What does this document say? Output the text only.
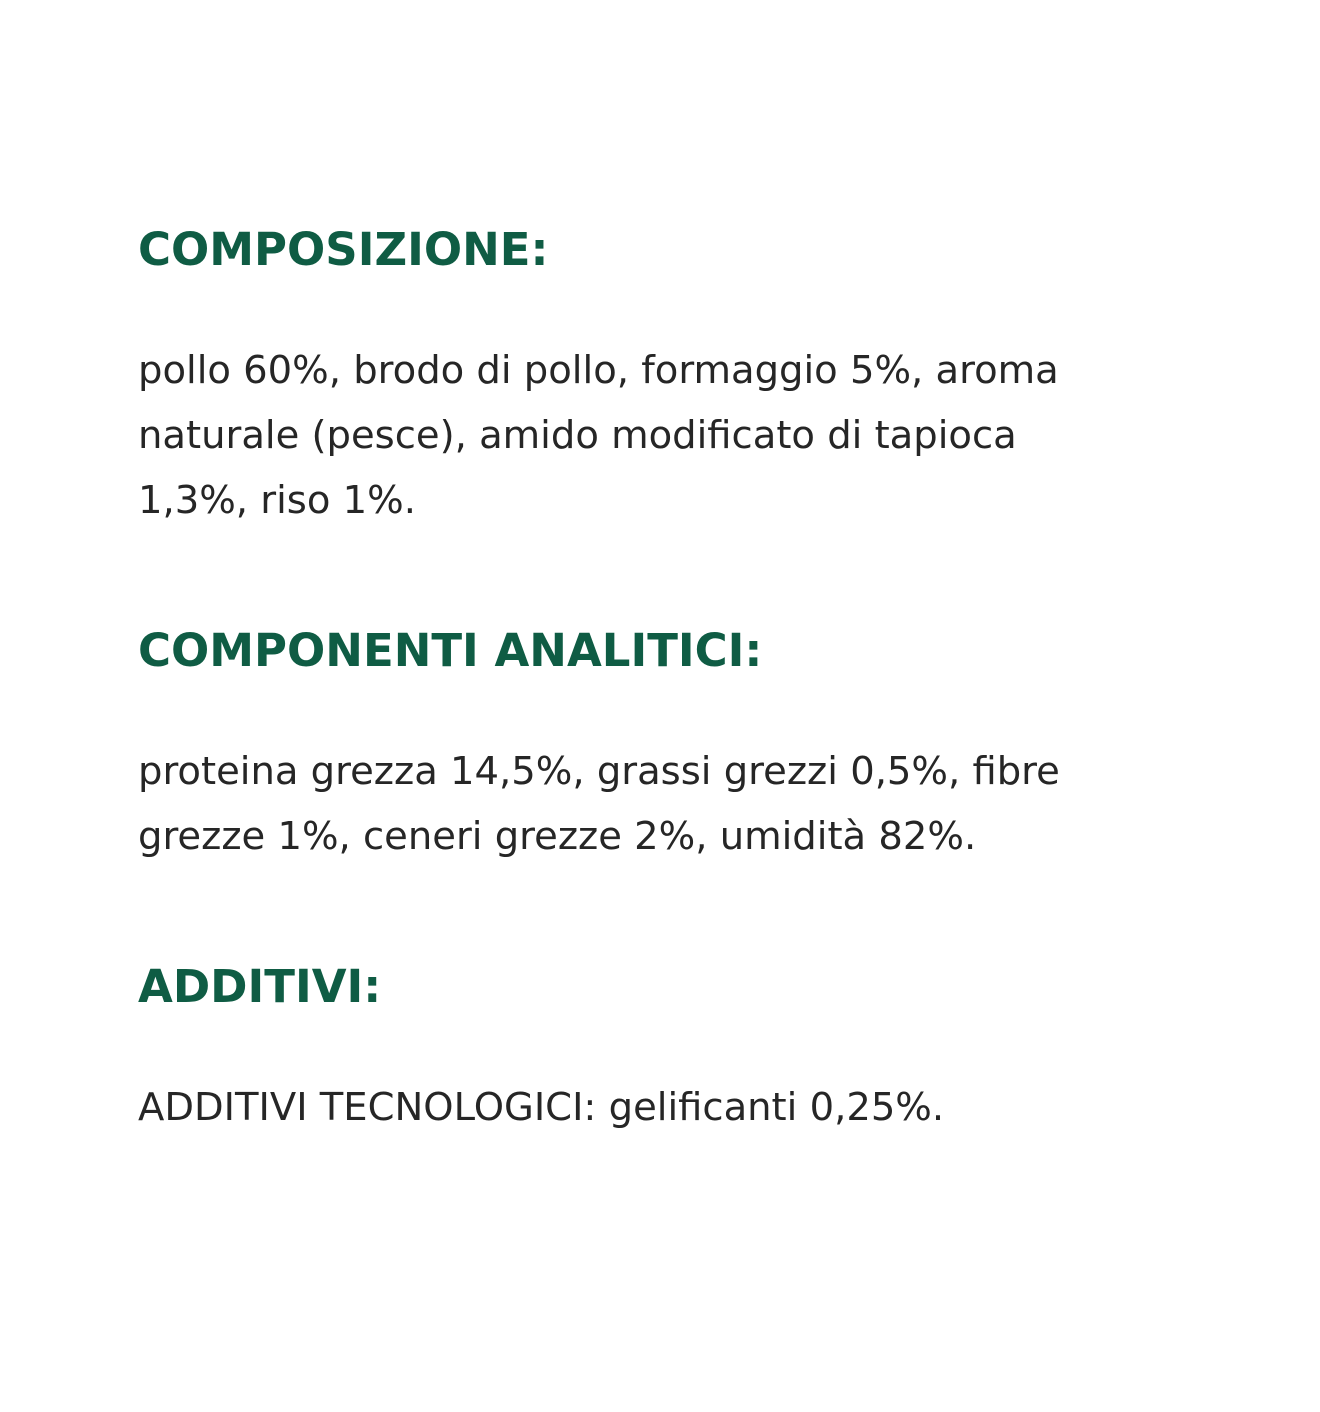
COMPOSIZIONE:

pollo 60%, brodo di pollo, formaggio 5%, aroma
naturale (pesce), amido modificato di tapioca
1,3%, riso 1%.

COMPONENTI ANALITICI:

proteina grezza 14,5%, grassi grezzi 0,5%, fibre
grezze 1%, ceneri grezze 2%, umidità 82%.

ADDITIVI:

ADDITIVI TECNOLOGICI: gelificanti 0,25%.
